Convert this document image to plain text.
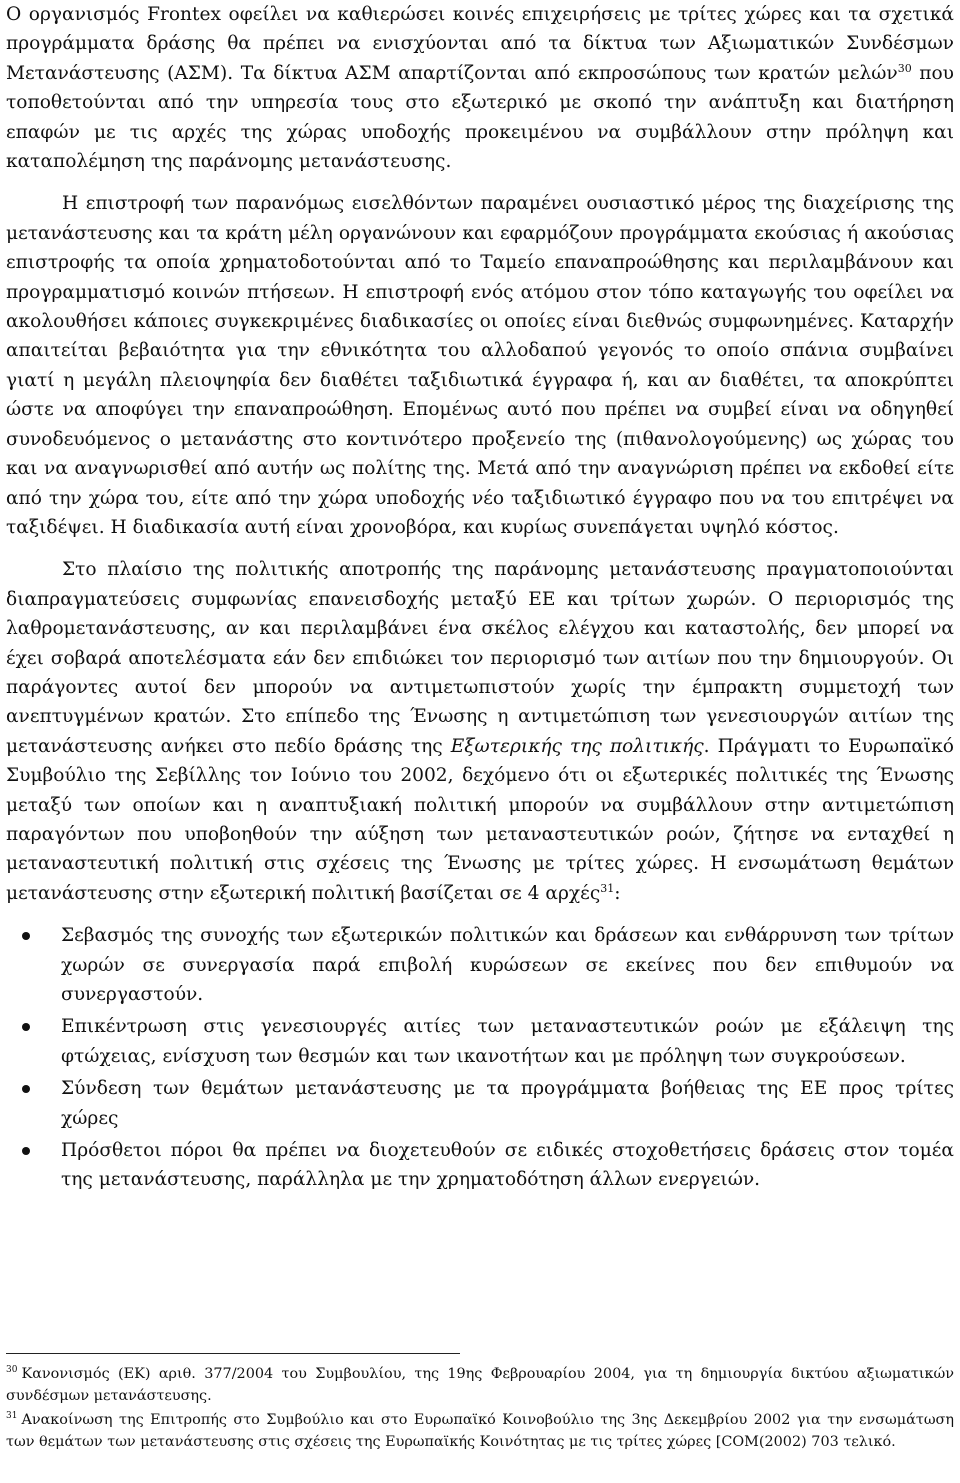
Ο οργανισμός Frontex οφείλει να καθιερώσει κοινές επιχειρήσεις με τρίτες χώρες και τα σχετικά προγράμματα δράσης θα πρέπει να ενισχύονται από τα δίκτυα των Αξιωματικών Συνδέσμων Μετανάστευσης (ΑΣΜ). Τα δίκτυα ΑΣΜ απαρτίζονται από εκπροσώπους των κρατών μελών$^{30}$ που τοποθετούνται από την υπηρεσία τους στο εξωτερικό με σκοπό την ανάπτυξη και διατήρηση επαφών με τις αρχές της χώρας υποδοχής προκειμένου να συμβάλλουν στην πρόληψη και καταπολέμηση της παράνομης μετανάστευσης.

Η επιστροφή των παρανόμως εισελθόντων παραμένει ουσιαστικό μέρος της διαχείρισης της μετανάστευσης και τα κράτη μέλη οργανώνουν και εφαρμόζουν προγράμματα εκούσιας ή ακούσιας επιστροφής τα οποία χρηματοδοτούνται από το Ταμείο επαναπροώθησης και περιλαμβάνουν και προγραμματισμό κοινών πτήσεων. Η επιστροφή ενός ατόμου στον τόπο καταγωγής του οφείλει να ακολουθήσει κάποιες συγκεκριμένες διαδικασίες οι οποίες είναι διεθνώς συμφωνημένες. Καταρχήν απαιτείται βεβαιότητα για την εθνικότητα του αλλοδαπού γεγονός το οποίο σπάνια συμβαίνει γιατί η μεγάλη πλειοψηφία δεν διαθέτει ταξιδιωτικά έγγραφα ή, και αν διαθέτει, τα αποκρύπτει ώστε να αποφύγει την επαναπροώθηση. Επομένως αυτό που πρέπει να συμβεί είναι να οδηγηθεί συνοδευόμενος ο μετανάστης στο κοντινότερο προξενείο της (πιθανολογούμενης) ως χώρας του και να αναγνωρισθεί από αυτήν ως πολίτης της. Μετά από την αναγνώριση πρέπει να εκδοθεί είτε από την χώρα του, είτε από την χώρα υποδοχής νέο ταξιδιωτικό έγγραφο που να του επιτρέψει να ταξιδέψει. Η διαδικασία αυτή είναι χρονοβόρα, και κυρίως συνεπάγεται υψηλό κόστος.

Στο πλαίσιο της πολιτικής αποτροπής της παράνομης μετανάστευσης πραγματοποιούνται διαπραγματεύσεις συμφωνίας επανεισδοχής μεταξύ ΕΕ και τρίτων χωρών. Ο περιορισμός της λαθρομετανάστευσης, αν και περιλαμβάνει ένα σκέλος ελέγχου και καταστολής, δεν μπορεί να έχει σοβαρά αποτελέσματα εάν δεν επιδιώκει τον περιορισμό των αιτίων που την δημιουργούν. Οι παράγοντες αυτοί δεν μπορούν να αντιμετωπιστούν χωρίς την έμπρακτη συμμετοχή των ανεπτυγμένων κρατών. Στο επίπεδο της Ένωσης η αντιμετώπιση των γενεσιουργών αιτίων της μετανάστευσης ανήκει στο πεδίο δράσης της Εξωτερικής της πολιτικής. Πράγματι το Ευρωπαϊκό Συμβούλιο της Σεβίλλης τον Ιούνιο του 2002, δεχόμενο ότι οι εξωτερικές πολιτικές της Ένωσης μεταξύ των οποίων και η αναπτυξιακή πολιτική μπορούν να συμβάλλουν στην αντιμετώπιση παραγόντων που υποβοηθούν την αύξηση των μεταναστευτικών ροών, ζήτησε να ενταχθεί η μεταναστευτική πολιτική στις σχέσεις της Ένωσης με τρίτες χώρες. Η ενσωμάτωση θεμάτων μετανάστευσης στην εξωτερική πολιτική βασίζεται σε 4 αρχές$^{31}$:

Σεβασμός της συνοχής των εξωτερικών πολιτικών και δράσεων και ενθάρρυνση των τρίτων χωρών σε συνεργασία παρά επιβολή κυρώσεων σε εκείνες που δεν επιθυμούν να συνεργαστούν.
Επικέντρωση στις γενεσιουργές αιτίες των μεταναστευτικών ροών με εξάλειψη της φτώχειας, ενίσχυση των θεσμών και των ικανοτήτων και με πρόληψη των συγκρούσεων.
Σύνδεση των θεμάτων μετανάστευσης με τα προγράμματα βοήθειας της ΕΕ προς τρίτες χώρες
Πρόσθετοι πόροι θα πρέπει να διοχετευθούν σε ειδικές στοχοθετήσεις δράσεις στον τομέα της μετανάστευσης, παράλληλα με την χρηματοδότηση άλλων ενεργειών.

$^{30}$ Κανονισμός (ΕΚ) αριθ. 377/2004 του Συμβουλίου, της 19ης Φεβρουαρίου 2004, για τη δημιουργία δικτύου αξιωματικών συνδέσμων μετανάστευσης.

$^{31}$ Ανακοίνωση της Επιτροπής στο Συμβούλιο και στο Ευρωπαϊκό Κοινοβούλιο της 3ης Δεκεμβρίου 2002 για την ενσωμάτωση των θεμάτων των μετανάστευσης στις σχέσεις της Ευρωπαϊκής Κοινότητας με τις τρίτες χώρες [COM(2002) 703 τελικό.
